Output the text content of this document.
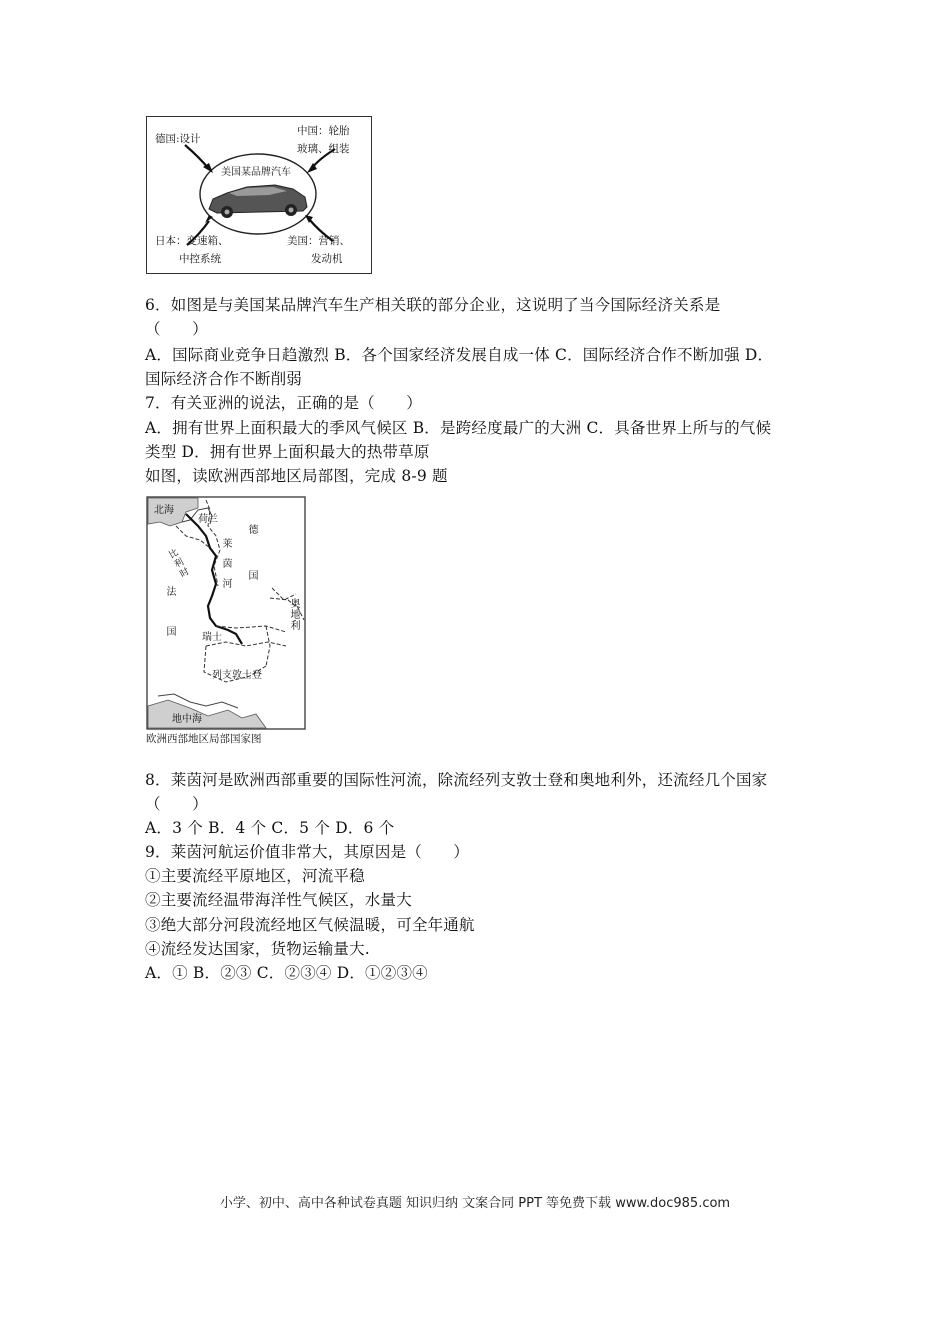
美国某品牌汽车
德国:设计
中国：轮胎
玻璃、组装
日本：变速箱、
中控系统
美国：营销、
发动机
6．如图是与美国某品牌汽车生产相关联的部分企业，这说明了当今国际经济关系是
（　　）
A．国际商业竞争日趋激烈 B．各个国家经济发展自成一体 C．国际经济合作不断加强 D．
国际经济合作不断削弱
7．有关亚洲的说法，正确的是（　　）
A．拥有世界上面积最大的季风气候区 B．是跨经度最广的大洲 C．具备世界上所与的气候
类型 D．拥有世界上面积最大的热带草原
如图，读欧洲西部地区局部图，完成 8-9 题
北海
荷兰
比利时	德国
莱茵河
法国	瑞士
奥地利
列支敦士登
地中海
欧洲西部地区局部国家图
8．莱茵河是欧洲西部重要的国际性河流，除流经列支敦士登和奥地利外，还流经几个国家
（　　）
A．3 个 B．4 个 C．5 个 D．6 个
9．莱茵河航运价值非常大，其原因是（　　）
①主要流经平原地区，河流平稳
②主要流经温带海洋性气候区，水量大
③绝大部分河段流经地区气候温暖，可全年通航
④流经发达国家，货物运输量大.
A．① B．②③ C．②③④ D．①②③④
小学、初中、高中各种试卷真题 知识归纳 文案合同 PPT 等免费下载 www.doc985.com
